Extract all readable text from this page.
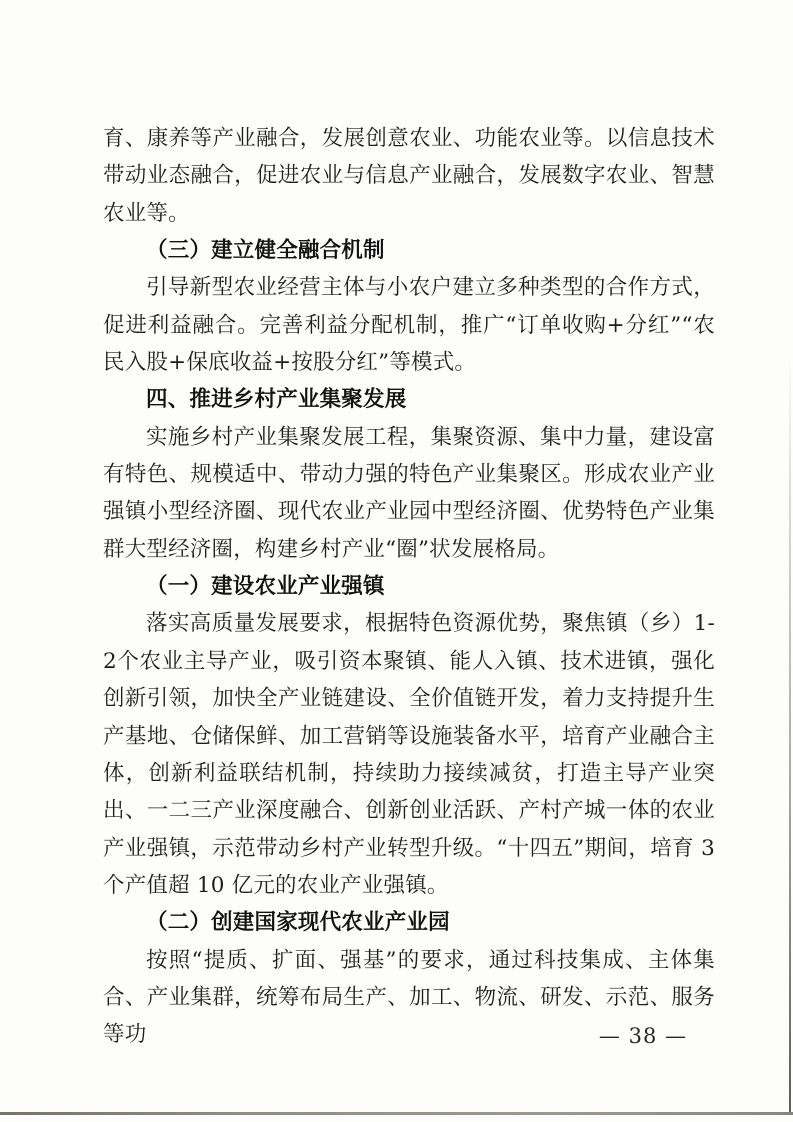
育、康养等产业融合，发展创意农业、功能农业等。以信息技术带动业态融合，促进农业与信息产业融合，发展数字农业、智慧农业等。

（三）建立健全融合机制

引导新型农业经营主体与小农户建立多种类型的合作方式，促进利益融合。完善利益分配机制，推广“订单收购+分红”“农民入股+保底收益+按股分红”等模式。

四、推进乡村产业集聚发展

实施乡村产业集聚发展工程，集聚资源、集中力量，建设富有特色、规模适中、带动力强的特色产业集聚区。形成农业产业强镇小型经济圈、现代农业产业园中型经济圈、优势特色产业集群大型经济圈，构建乡村产业“圈”状发展格局。

（一）建设农业产业强镇

落实高质量发展要求，根据特色资源优势，聚焦镇（乡）1-2个农业主导产业，吸引资本聚镇、能人入镇、技术进镇，强化创新引领，加快全产业链建设、全价值链开发，着力支持提升生产基地、仓储保鲜、加工营销等设施装备水平，培育产业融合主体，创新利益联结机制，持续助力接续减贫，打造主导产业突出、一二三产业深度融合、创新创业活跃、产村产城一体的农业产业强镇，示范带动乡村产业转型升级。“十四五”期间，培育 3 个产值超 10 亿元的农业产业强镇。

（二）创建国家现代农业产业园

按照“提质、扩面、强基”的要求，通过科技集成、主体集合、产业集群，统筹布局生产、加工、物流、研发、示范、服务等功	— 38 —
